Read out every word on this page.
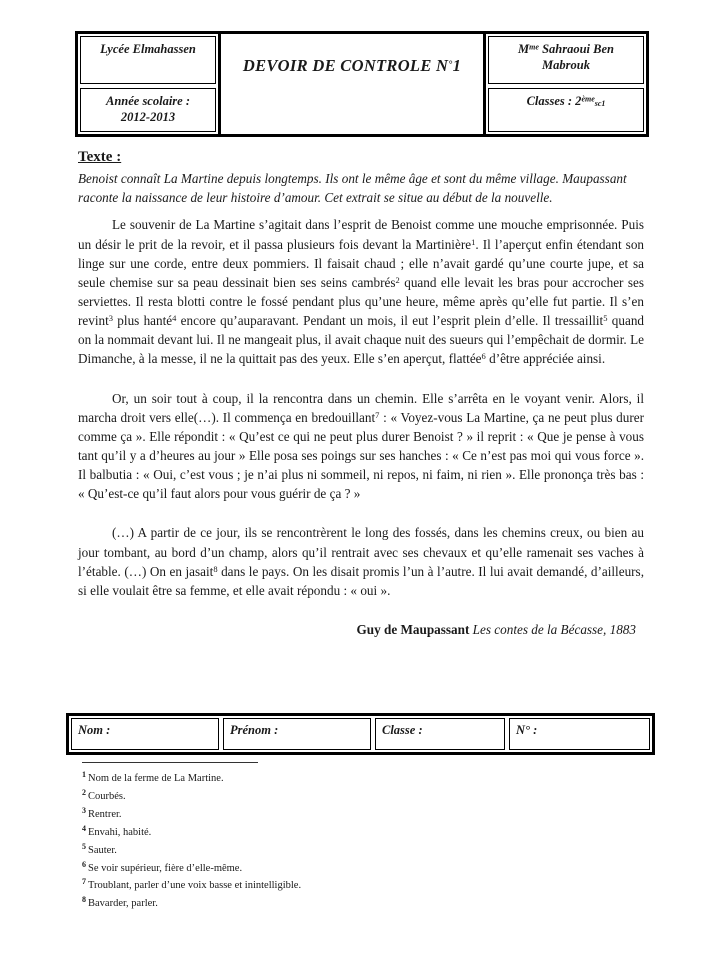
Lycée Elmahassen
Année scolaire :
2012-2013
DEVOIR DE CONTROLE N°1
$M^{me}$ Sahraoui Ben Mabrouk
Classes : $2ème_{sc1}$
Texte :
Benoist connaît La Martine depuis longtemps. Ils ont le même âge et sont du même village. Maupassant raconte la naissance de leur histoire d’amour. Cet extrait se situe au début de la nouvelle.

Le souvenir de La Martine s’agitait dans l’esprit de Benoist comme une mouche emprisonnée. Puis un désir le prit de la revoir, et il passa plusieurs fois devant la Martinière$^1$. Il l’aperçut enfin étendant son linge sur une corde, entre deux pommiers. Il faisait chaud ; elle n’avait gardé qu’une courte jupe, et sa seule chemise sur sa peau dessinait bien ses seins cambrés$^2$ quand elle levait les bras pour accrocher ses serviettes. Il resta blotti contre le fossé pendant plus qu’une heure, même après qu’elle fut partie. Il s’en revint$^3$ plus hanté$^4$ encore qu’auparavant. Pendant un mois, il eut l’esprit plein d’elle. Il tressaillit$^5$ quand on la nommait devant lui. Il ne mangeait plus, il avait chaque nuit des sueurs qui l’empêchait de dormir. Le Dimanche, à la messe, il ne la quittait pas des yeux. Elle s’en aperçut, flattée$^6$ d’être appréciée ainsi.

Or, un soir tout à coup, il la rencontra dans un chemin. Elle s’arrêta en le voyant venir. Alors, il marcha droit vers elle(…). Il commença en bredouillant$^7$ : « Voyez-vous La Martine, ça ne peut plus durer comme ça ». Elle répondit : « Qu’est ce qui ne peut plus durer Benoist ? » il reprit : « Que je pense à vous tant qu’il y a d’heures au jour » Elle posa ses poings sur ses hanches : « Ce n’est pas moi qui vous force ». Il balbutia : « Oui, c’est vous ; je n’ai plus ni sommeil, ni repos, ni faim, ni rien ». Elle prononça très bas : « Qu’est-ce qu’il faut alors pour vous guérir de ça ? »

(…) A partir de ce jour, ils se rencontrèrent le long des fossés, dans les chemins creux, ou bien au jour tombant, au bord d’un champ, alors qu’il rentrait avec ses chevaux et qu’elle ramenait ses vaches à l’étable. (…) On en jasait$^8$ dans le pays. On les disait promis l’un à l’autre. Il lui avait demandé, d’ailleurs, si elle voulait être sa femme, et elle avait répondu : « oui ».

Guy de Maupassant Les contes de la Bécasse, 1883
Nom :	Prénom :	Classe :	N° :
$^1$ Nom de la ferme de La Martine.
$^2$ Courbés.
$^3$ Rentrer.
$^4$ Envahi, habité.
$^5$ Sauter.
$^6$ Se voir supérieur, fière d’elle-même.
$^7$ Troublant, parler d’une voix basse et inintelligible.
$^8$ Bavarder, parler.
